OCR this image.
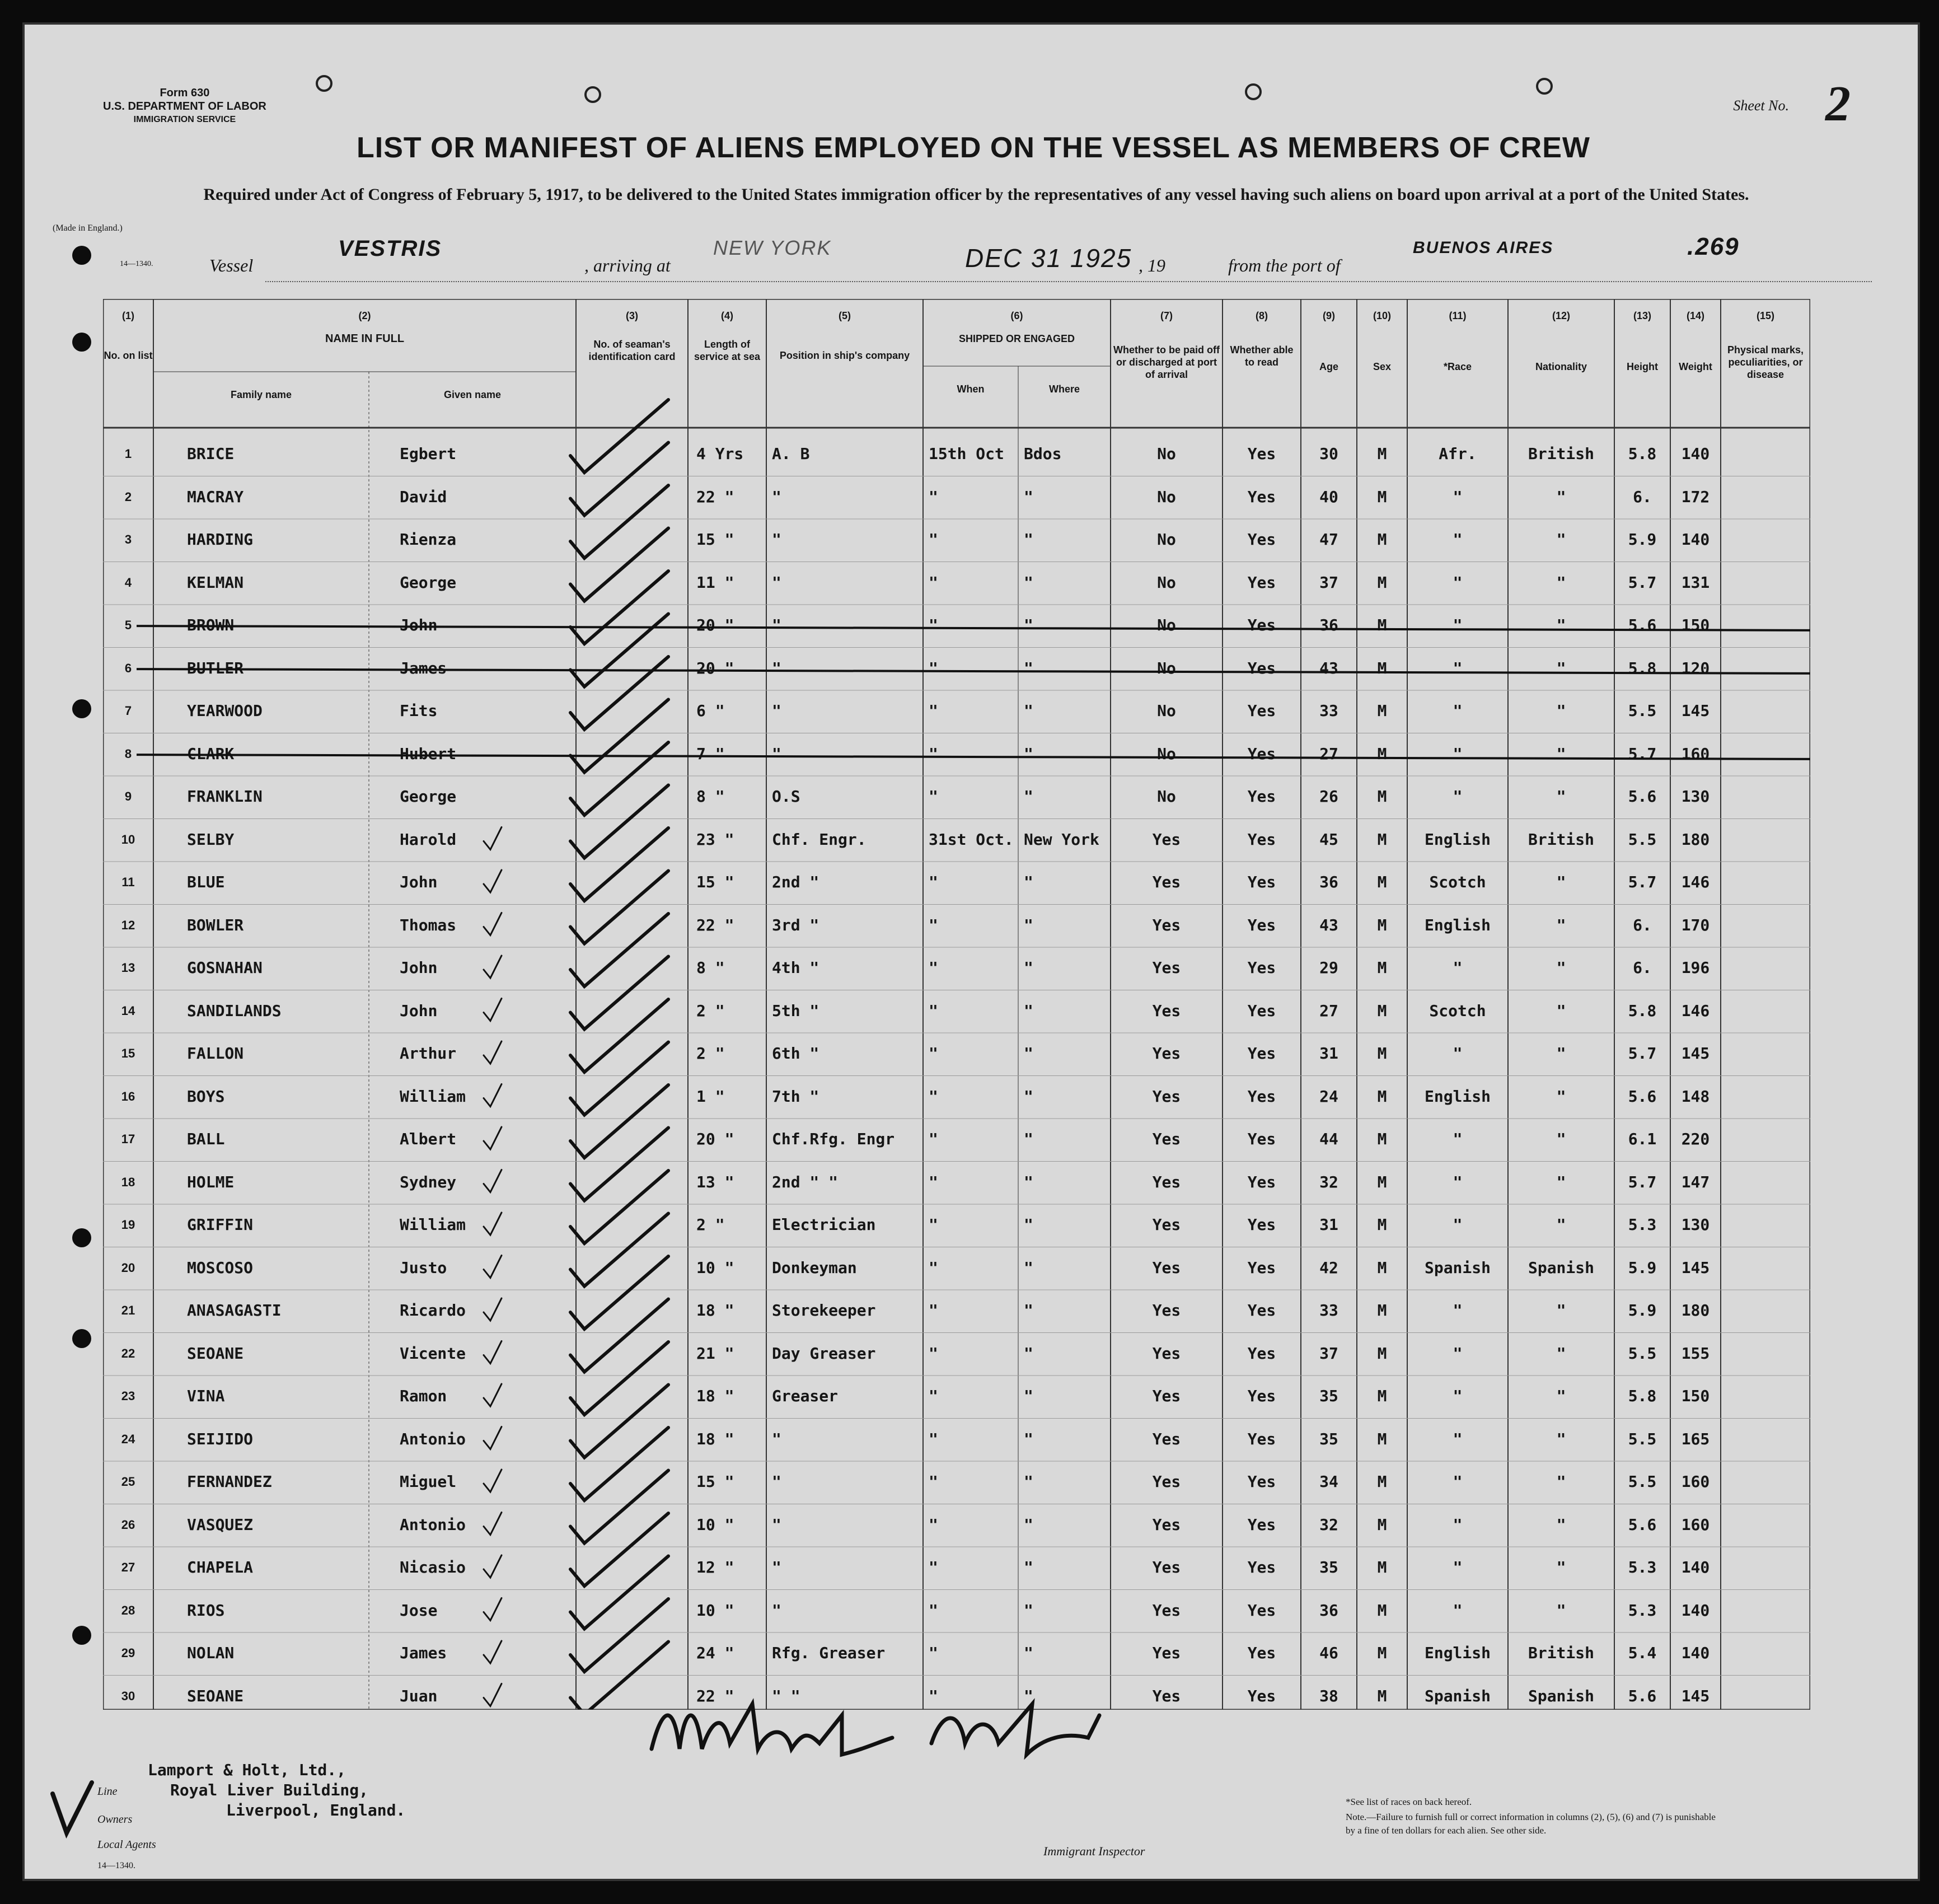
Form 630
U.S. DEPARTMENT OF LABOR
IMMIGRATION SERVICE
Sheet No. 2
LIST OR MANIFEST OF ALIENS EMPLOYED ON THE VESSEL AS MEMBERS OF CREW
Required under Act of Congress of February 5, 1917, to be delivered to the United States immigration officer by the representatives of any vessel having such aliens on board upon arrival at a port of the United States.
(Made in England.)
14—1340.	Vessel
VESTRIS
, arriving at
NEW YORK	DEC 31 1925 , 19	from the port of
BUENOS AIRES	.269
(1)	(2)	(3)	(4)	(5)	(6)	(7)	(8)	(9)	(10)	(11)	(12)	(13)	(14)	(15)
No. on list
NAME IN FULL
Family name	Given name
No. of seaman's identification card
Length of service at sea	Position in ship's company
SHIPPED OR ENGAGED
When	Where
Whether to be paid off or discharged at port of arrival
Whether able to read	Age	Sex	*Race	Nationality	Height	Weight
Physical marks, peculiarities, or disease
1	BRICE	Egbert	4 Yrs	A. B	15th Oct	Bdos	No	Yes	30	M	Afr.	British	5.8	140
2	MACRAY	David	22 "	"	"	"	No	Yes	40	M	"	"	6.	172
3	HARDING	Rienza	15 "	"	"	"	No	Yes	47	M	"	"	5.9	140
4	KELMAN	George	11 "	"	"	"	No	Yes	37	M	"	"	5.7	131
5	BROWN	John	20 "	"	"	"	No	Yes	36	M	"	"	5.6	150
6	BUTLER	James	20 "	"	"	"	No	Yes	43	M	"	"	5.8	120
7	YEARWOOD	Fits	6 "	"	"	"	No	Yes	33	M	"	"	5.5	145
8	CLARK	Hubert	7 "	"	"	"	No	Yes	27	M	"	"	5.7	160
9	FRANKLIN	George	8 "	O.S	"	"	No	Yes	26	M	"	"	5.6	130
10	SELBY	Harold	23 "	Chf. Engr.	31st Oct. New York	Yes	Yes	45	M	English	British	5.5	180
11	BLUE	John	15 "	2nd "	"	"	Yes	Yes	36	M	Scotch	"	5.7	146
12	BOWLER	Thomas	22 "	3rd "	"	"	Yes	Yes	43	M	English	"	6.	170
13	GOSNAHAN	John	8 "	4th "	"	"	Yes	Yes	29	M	"	"	6.	196
14	SANDILANDS	John	2 "	5th "	"	"	Yes	Yes	27	M	Scotch	"	5.8	146
15	FALLON	Arthur	2 "	6th "	"	"	Yes	Yes	31	M	"	"	5.7	145
16	BOYS	William	1 "	7th "	"	"	Yes	Yes	24	M	English	"	5.6	148
17	BALL	Albert	20 "	Chf.Rfg. Engr	"	"	Yes	Yes	44	M	"	"	6.1	220
18	HOLME	Sydney	13 "	2nd " "	"	"	Yes	Yes	32	M	"	"	5.7	147
19	GRIFFIN	William	2 "	Electrician	"	"	Yes	Yes	31	M	"	"	5.3	130
20	MOSCOSO	Justo	10 "	Donkeyman	"	"	Yes	Yes	42	M	Spanish	Spanish	5.9	145
21	ANASAGASTI	Ricardo	18 "	Storekeeper	"	"	Yes	Yes	33	M	"	"	5.9	180
22	SEOANE	Vicente	21 "	Day Greaser	"	"	Yes	Yes	37	M	"	"	5.5	155
23	VINA	Ramon	18 "	Greaser	"	"	Yes	Yes	35	M	"	"	5.8	150
24	SEIJIDO	Antonio	18 "	"	"	"	Yes	Yes	35	M	"	"	5.5	165
25	FERNANDEZ	Miguel	15 "	"	"	"	Yes	Yes	34	M	"	"	5.5	160
26	VASQUEZ	Antonio	10 "	"	"	"	Yes	Yes	32	M	"	"	5.6	160
27	CHAPELA	Nicasio	12 "	"	"	"	Yes	Yes	35	M	"	"	5.3	140
28	RIOS	Jose	10 "	"	"	"	Yes	Yes	36	M	"	"	5.3	140
29	NOLAN	James	24 "	Rfg. Greaser	"	"	Yes	Yes	46	M	English	British	5.4	140
30	SEOANE	Juan	22 "	" "	"	"	Yes	Yes	38	M	Spanish	Spanish	5.6	145
Lamport & Holt, Ltd.,
Royal Liver Building,
Liverpool, England.
Line
Owners
Local Agents
14—1340.
Immigrant Inspector
*See list of races on back hereof.
Note.—Failure to furnish full or correct information in columns (2), (5), (6) and (7) is punishable by a fine of ten dollars for each alien. See other side.
